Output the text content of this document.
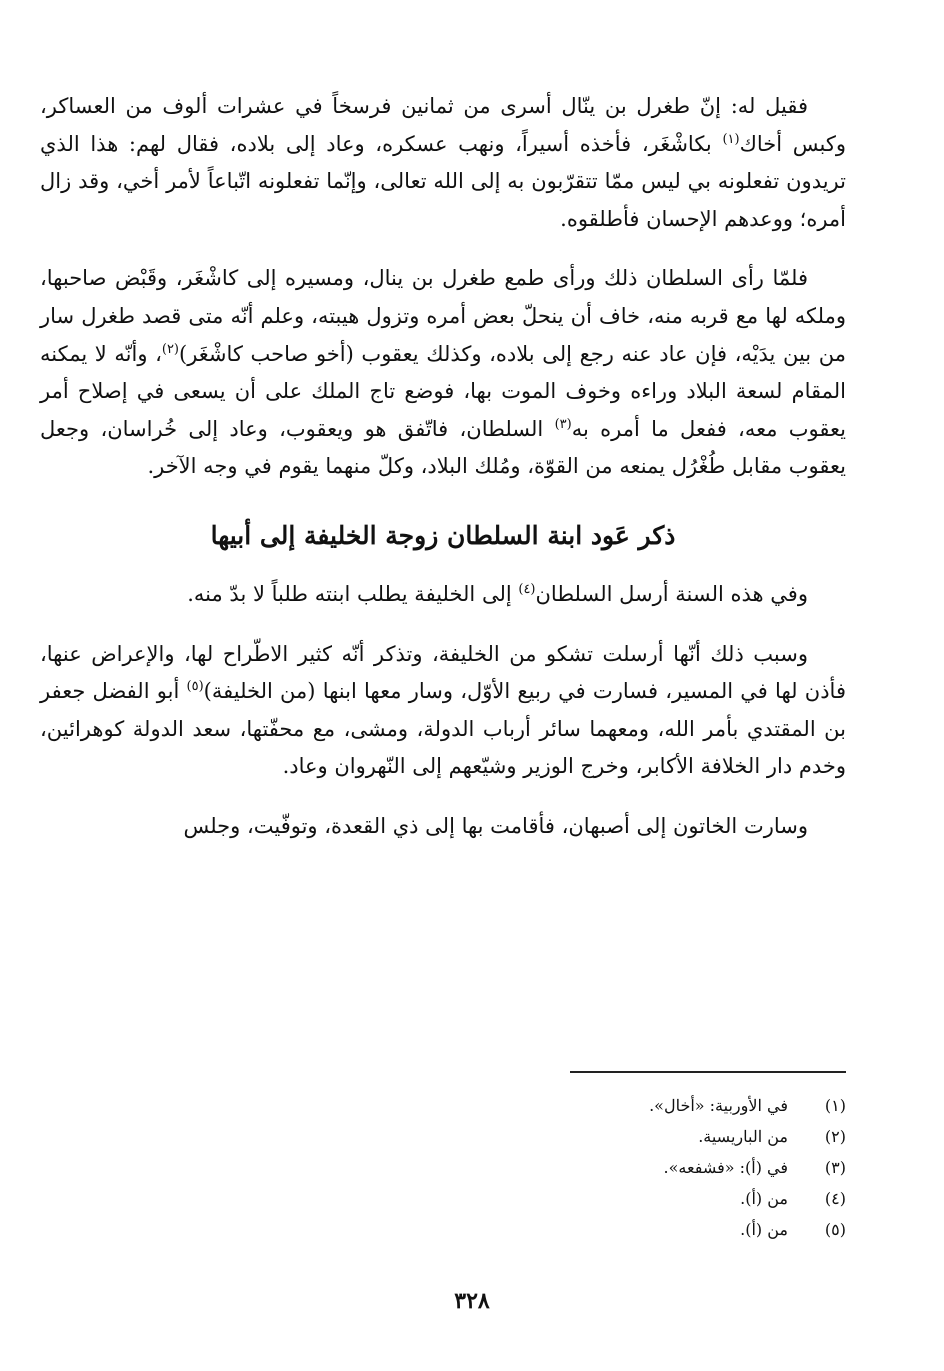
فقيل له: إنّ طغرل بن ينّال أسرى من ثمانين فرسخاً في عشرات ألوف من العساكر، وكبس أخاك$^{(١)}$ بكاشْغَر، فأخذه أسيراً، ونهب عسكره، وعاد إلى بلاده، فقال لهم: هذا الذي تريدون تفعلونه بي ليس ممّا تتقرّبون به إلى الله تعالى، وإنّما تفعلونه اتّباعاً لأمر أخي، وقد زال أمره؛ ووعدهم الإحسان فأطلقوه.

فلمّا رأى السلطان ذلك ورأى طمع طغرل بن ينال، ومسيره إلى كاشْغَر، وقَبْض صاحبها، وملكه لها مع قربه منه، خاف أن ينحلّ بعض أمره وتزول هيبته، وعلم أنّه متى قصد طغرل سار من بين يدَيْه، فإن عاد عنه رجع إلى بلاده، وكذلك يعقوب (أخو صاحب كاشْغَر)$^{(٢)}$، وأنّه لا يمكنه المقام لسعة البلاد وراءه وخوف الموت بها، فوضع تاج الملك على أن يسعى في إصلاح أمر يعقوب معه، ففعل ما أمره به$^{(٣)}$ السلطان، فاتّفق هو ويعقوب، وعاد إلى خُراسان، وجعل يعقوب مقابل طُغْرُل يمنعه من القوّة، ومُلك البلاد، وكلّ منهما يقوم في وجه الآخر.

ذكر عَود ابنة السلطان زوجة الخليفة إلى أبيها

وفي هذه السنة أرسل السلطان$^{(٤)}$ إلى الخليفة يطلب ابنته طلباً لا بدّ منه.

وسبب ذلك أنّها أرسلت تشكو من الخليفة، وتذكر أنّه كثير الاطّراح لها، والإعراض عنها، فأذن لها في المسير، فسارت في ربيع الأوّل، وسار معها ابنها (من الخليفة)$^{(٥)}$ أبو الفضل جعفر بن المقتدي بأمر الله، ومعهما سائر أرباب الدولة، ومشى، مع محفّتها، سعد الدولة كوهرائين، وخدم دار الخلافة الأكابر، وخرج الوزير وشيّعهم إلى النّهروان وعاد.

وسارت الخاتون إلى أصبهان، فأقامت بها إلى ذي القعدة، وتوفّيت، وجلس

(١)
في الأوربية: «أخال».
(٢)
من الباريسية.
(٣)
في (أ): «فشفعه».
(٤)
من (أ).
(٥)
من (أ).
٣٢٨
